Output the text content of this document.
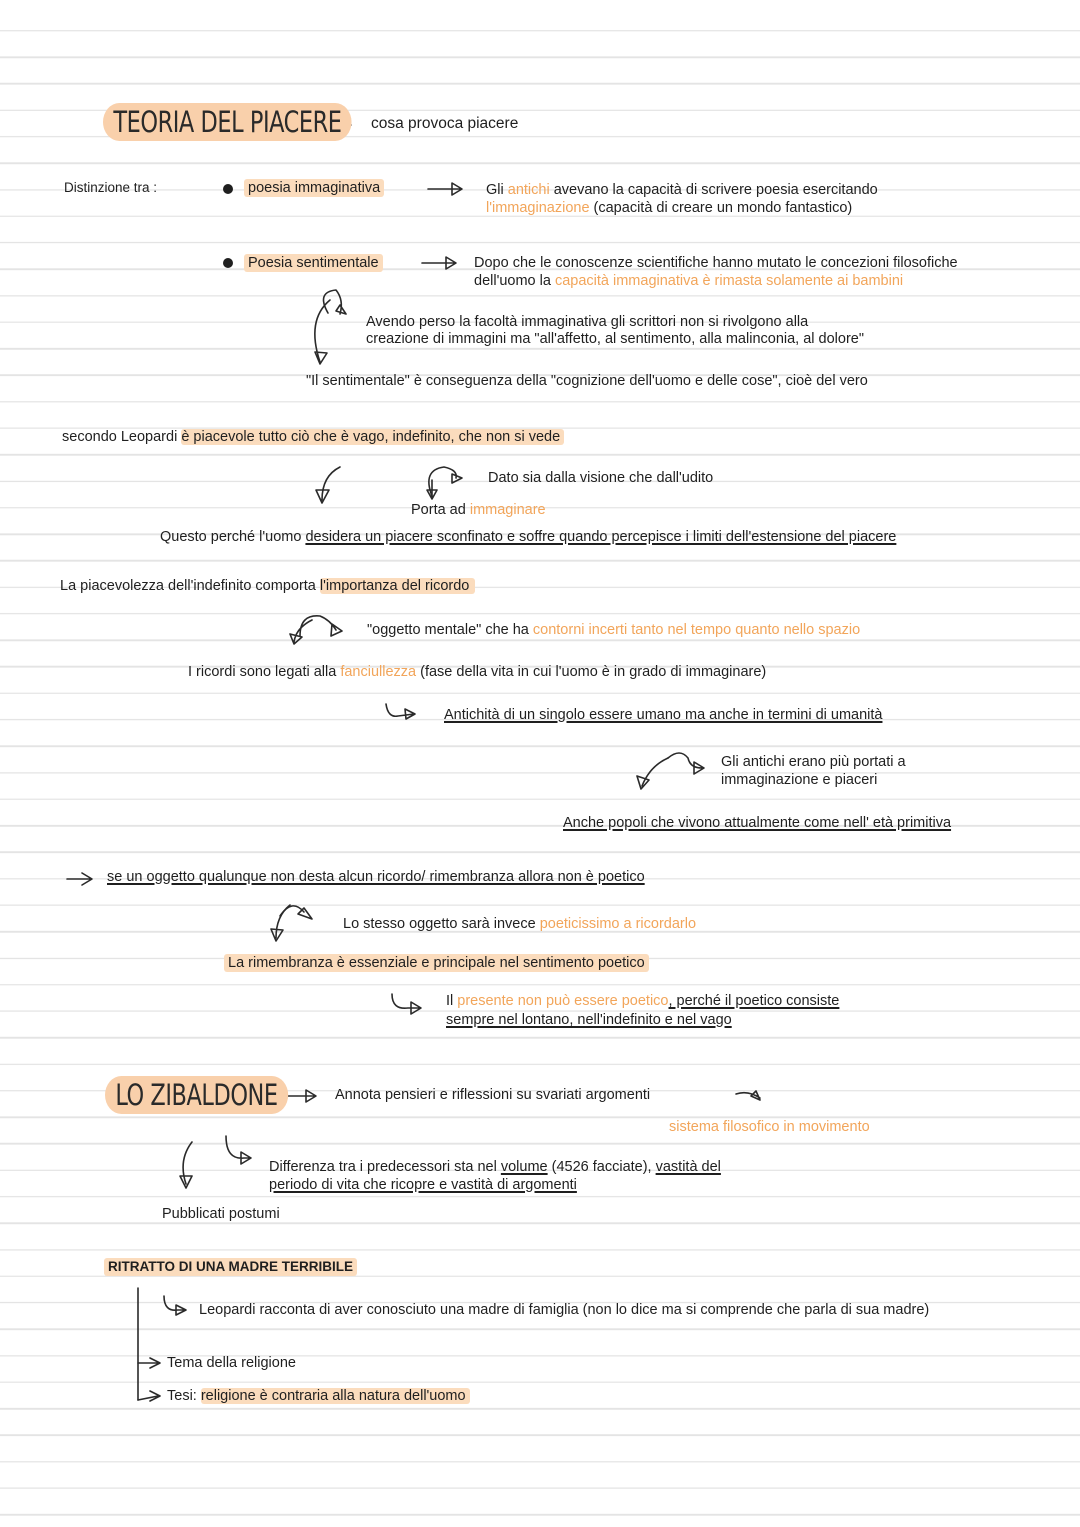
TEORIA DEL PIACERE	cosa provoca piacere
Distinzione tra :	poesia immaginativa	Gli antichi avevano la capacità di scrivere poesia esercitando
l'immaginazione (capacità di creare un mondo fantastico)
Poesia sentimentale	Dopo che le conoscenze scientifiche hanno mutato le concezioni filosofiche
dell'uomo la capacità immaginativa è rimasta solamente ai bambini
Avendo perso la facoltà immaginativa gli scrittori non si rivolgono alla
creazione di immagini ma "all'affetto, al sentimento, alla malinconia, al dolore"
"Il sentimentale" è conseguenza della "cognizione dell'uomo e delle cose", cioè del vero
secondo Leopardi è piacevole tutto ciò che è vago, indefinito, che non si vede
Dato sia dalla visione che dall'udito
Porta ad immaginare
Questo perché l'uomo desidera un piacere sconfinato e soffre quando percepisce i limiti dell'estensione del piacere
La piacevolezza dell'indefinito comporta l'importanza del ricordo
"oggetto mentale" che ha contorni incerti tanto nel tempo quanto nello spazio
I ricordi sono legati alla fanciullezza (fase della vita in cui l'uomo è in grado di immaginare)
Antichità di un singolo essere umano ma anche in termini di umanità
Gli antichi erano più portati a
immaginazione e piaceri
Anche popoli che vivono attualmente come nell' età primitiva
se un oggetto qualunque non desta alcun ricordo/ rimembranza allora non è poetico
Lo stesso oggetto sarà invece poeticissimo a ricordarlo
La rimembranza è essenziale e principale nel sentimento poetico
Il presente non può essere poetico, perché il poetico consiste
sempre nel lontano, nell'indefinito e nel vago
LO ZIBALDONE	Annota pensieri e riflessioni su svariati argomenti
sistema filosofico in movimento
Differenza tra i predecessori sta nel volume (4526 facciate), vastità del
periodo di vita che ricopre e vastità di argomenti
Pubblicati postumi
RITRATTO DI UNA MADRE TERRIBILE
Leopardi racconta di aver conosciuto una madre di famiglia (non lo dice ma si comprende che parla di sua madre)
Tema della religione
Tesi: religione è contraria alla natura dell'uomo
